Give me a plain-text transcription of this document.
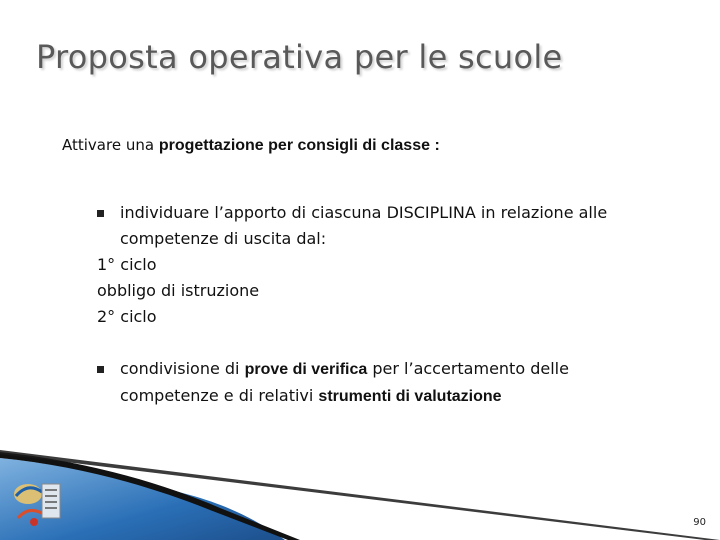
Proposta operativa per le scuole
Attivare una progettazione per consigli di classe :
individuare l’apporto di ciascuna DISCIPLINA in relazione alle
competenze di uscita dal:
1° ciclo
obbligo di istruzione
2° ciclo
condivisione di prove di verifica per l’accertamento delle
competenze e di relativi strumenti di valutazione
90
